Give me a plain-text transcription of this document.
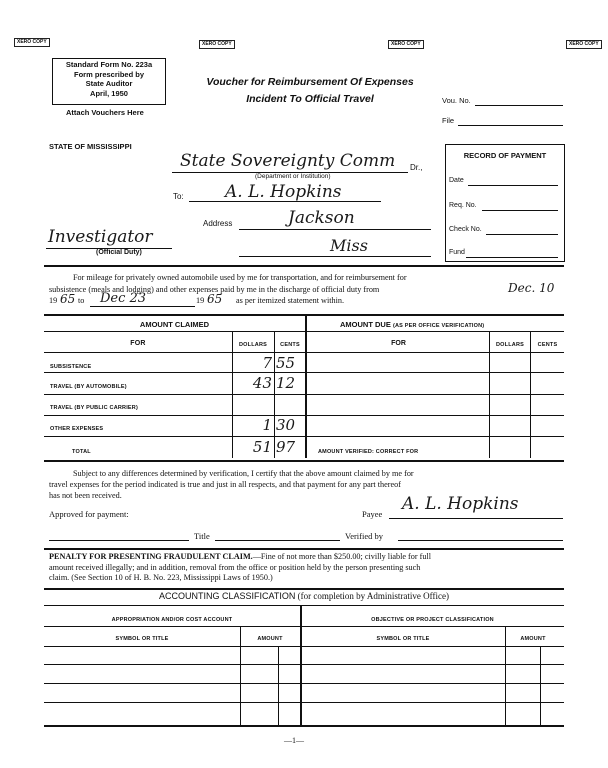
XERO COPY	XERO COPY	XERO COPY	XERO COPY
Standard Form No. 223a
Form prescribed by
State Auditor
April, 1950
Attach Vouchers Here
Voucher for Reimbursement Of Expenses
Incident To Official Travel	Vou. No.
File
STATE OF MISSISSIPPI
State Sovereignty Comm Dr.,
(Department or Institution)
To: A. L. Hopkins
Investigator
(Official Duty)
Address	Jackson
Miss
RECORD OF PAYMENT
Date
Req. No.
Check No.
Fund
For mileage for privately owned automobile used by me for transportation, and for reimbursement for
subsistence (meals and lodging) and other expenses paid by me in the discharge of official duty from	Dec. 10
19 65 to Dec 23	19 65 as per itemized statement within.
AMOUNT CLAIMED	AMOUNT DUE (AS PER OFFICE VERIFICATION)
FOR	DOLLARS	CENTS	FOR	DOLLARS	CENTS
SUBSISTENCE	7 55
TRAVEL (BY AUTOMOBILE)	43 12
TRAVEL (BY PUBLIC CARRIER)
OTHER EXPENSES	1 30
TOTAL	51 97	AMOUNT VERIFIED: CORRECT FOR
Subject to any differences determined by verification, I certify that the above amount claimed by me for
travel expenses for the period indicated is true and just in all respects, and that payment for any part thereof
has not been received.
Approved for payment:	Payee A. L. Hopkins
Title	Verified by
PENALTY FOR PRESENTING FRAUDULENT CLAIM.—Fine of not more than $250.00; civilly liable for full
amount received illegally; and in addition, removal from the office or position held by the person presenting such
claim. (See Section 10 of H. B. No. 223, Mississippi Laws of 1950.)
ACCOUNTING CLASSIFICATION (for completion by Administrative Office)
APPROPRIATION AND/OR COST ACCOUNT	OBJECTIVE OR PROJECT CLASSIFICATION
SYMBOL OR TITLE	AMOUNT	SYMBOL OR TITLE	AMOUNT
—1—
